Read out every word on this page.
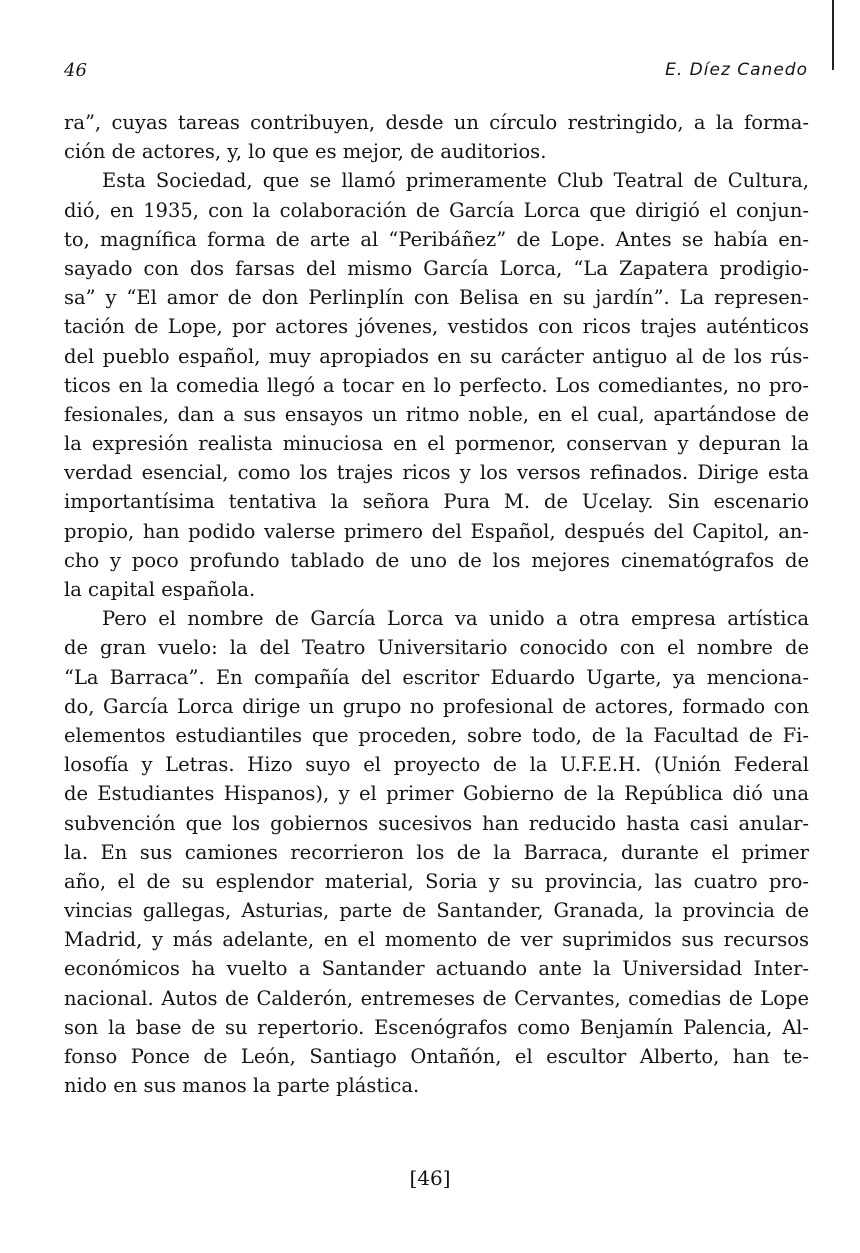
46	E. Díez Canedo
ra”, cuyas tareas contribuyen, desde un círculo restringido, a la forma-
ción de actores, y, lo que es mejor, de auditorios.
Esta Sociedad, que se llamó primeramente Club Teatral de Cultura,
dió, en 1935, con la colaboración de García Lorca que dirigió el conjun-
to, magnífica forma de arte al “Peribáñez” de Lope. Antes se había en-
sayado con dos farsas del mismo García Lorca, “La Zapatera prodigio-
sa” y “El amor de don Perlinplín con Belisa en su jardín”. La represen-
tación de Lope, por actores jóvenes, vestidos con ricos trajes auténticos
del pueblo español, muy apropiados en su carácter antiguo al de los rús-
ticos en la comedia llegó a tocar en lo perfecto. Los comediantes, no pro-
fesionales, dan a sus ensayos un ritmo noble, en el cual, apartándose de
la expresión realista minuciosa en el pormenor, conservan y depuran la
verdad esencial, como los trajes ricos y los versos refinados. Dirige esta
importantísima tentativa la señora Pura M. de Ucelay. Sin escenario
propio, han podido valerse primero del Español, después del Capitol, an-
cho y poco profundo tablado de uno de los mejores cinematógrafos de
la capital española.
Pero el nombre de García Lorca va unido a otra empresa artística
de gran vuelo: la del Teatro Universitario conocido con el nombre de
“La Barraca”. En compañía del escritor Eduardo Ugarte, ya menciona-
do, García Lorca dirige un grupo no profesional de actores, formado con
elementos estudiantiles que proceden, sobre todo, de la Facultad de Fi-
losofía y Letras. Hizo suyo el proyecto de la U.F.E.H. (Unión Federal
de Estudiantes Hispanos), y el primer Gobierno de la República dió una
subvención que los gobiernos sucesivos han reducido hasta casi anular-
la. En sus camiones recorrieron los de la Barraca, durante el primer
año, el de su esplendor material, Soria y su provincia, las cuatro pro-
vincias gallegas, Asturias, parte de Santander, Granada, la provincia de
Madrid, y más adelante, en el momento de ver suprimidos sus recursos
económicos ha vuelto a Santander actuando ante la Universidad Inter-
nacional. Autos de Calderón, entremeses de Cervantes, comedias de Lope
son la base de su repertorio. Escenógrafos como Benjamín Palencia, Al-
fonso Ponce de León, Santiago Ontañón, el escultor Alberto, han te-
nido en sus manos la parte plástica.
[46]
